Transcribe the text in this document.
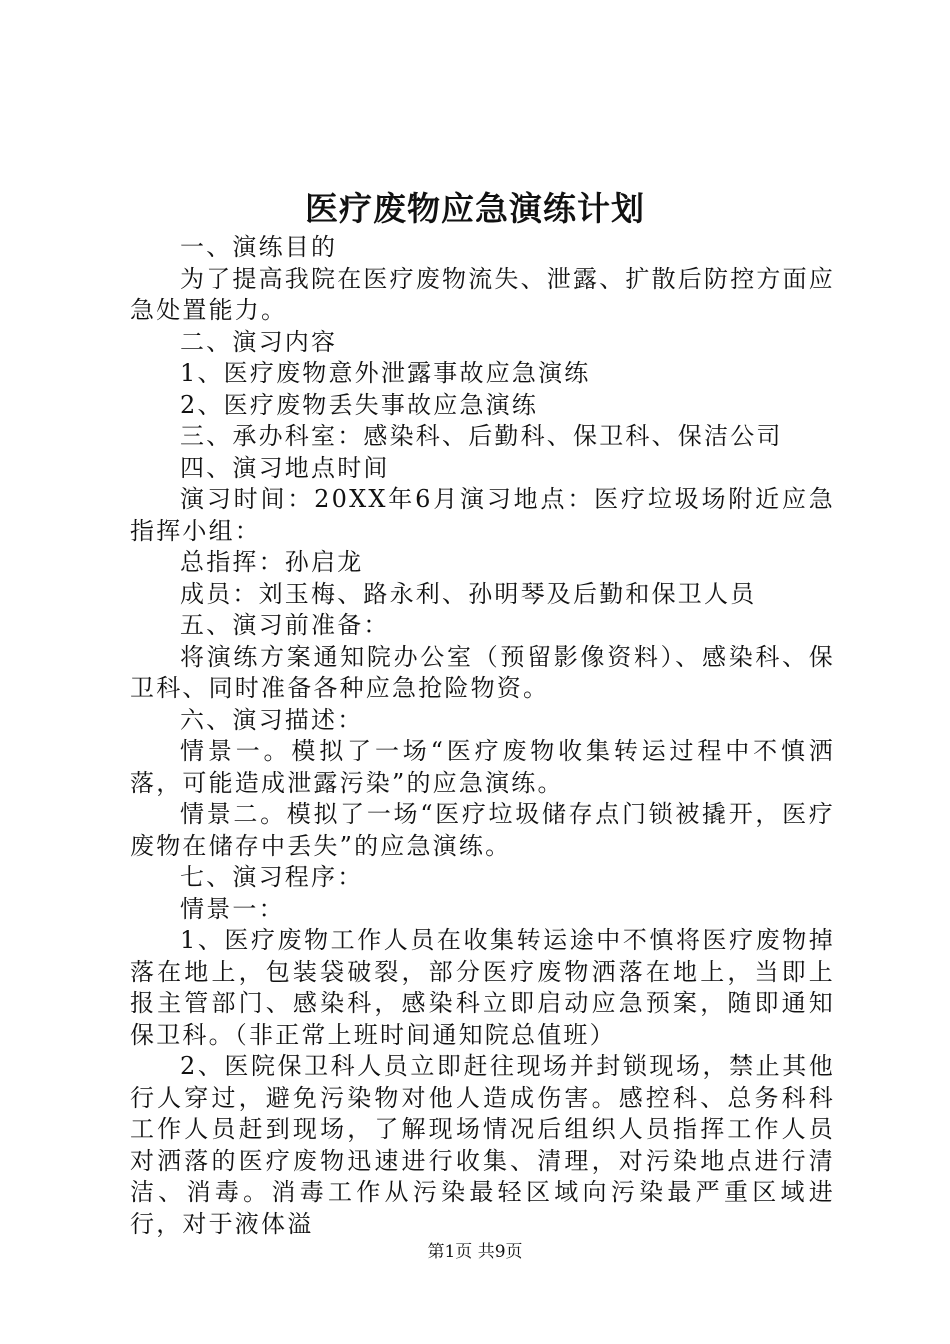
医疗废物应急演练计划

一、演练目的

为了提高我院在医疗废物流失、泄露、扩散后防控方面应急处置能力。

二、演习内容

1、医疗废物意外泄露事故应急演练

2、医疗废物丢失事故应急演练

三、承办科室：感染科、后勤科、保卫科、保洁公司

四、演习地点时间

演习时间：20XX年6月演习地点：医疗垃圾场附近应急指挥小组：

总指挥：孙启龙

成员：刘玉梅、路永利、孙明琴及后勤和保卫人员

五、演习前准备：

将演练方案通知院办公室（预留影像资料）、感染科、保卫科、同时准备各种应急抢险物资。

六、演习描述：

情景一。模拟了一场“医疗废物收集转运过程中不慎洒落，可能造成泄露污染”的应急演练。

情景二。模拟了一场“医疗垃圾储存点门锁被撬开，医疗废物在储存中丢失”的应急演练。

七、演习程序：

情景一：

1、医疗废物工作人员在收集转运途中不慎将医疗废物掉落在地上，包装袋破裂，部分医疗废物洒落在地上，当即上报主管部门、感染科，感染科立即启动应急预案，随即通知保卫科。（非正常上班时间通知院总值班）

2、医院保卫科人员立即赶往现场并封锁现场，禁止其他行人穿过，避免污染物对他人造成伤害。感控科、总务科科工作人员赶到现场，了解现场情况后组织人员指挥工作人员对洒落的医疗废物迅速进行收集、清理，对污染地点进行清洁、消毒。消毒工作从污染最轻区域向污染最严重区域进行，对于液体溢

第1页 共9页
